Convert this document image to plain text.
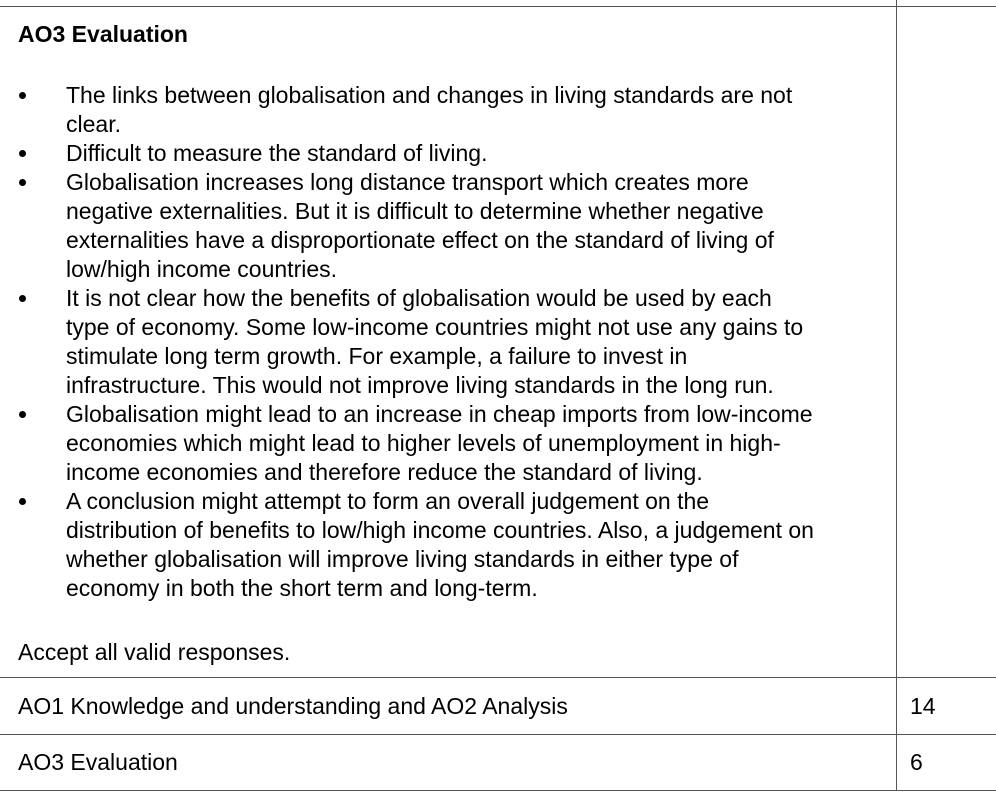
AO3 Evaluation
The links between globalisation and changes in living standards are not
clear.
Difficult to measure the standard of living.
Globalisation increases long distance transport which creates more
negative externalities. But it is difficult to determine whether negative
externalities have a disproportionate effect on the standard of living of
low/high income countries.
It is not clear how the benefits of globalisation would be used by each
type of economy. Some low-income countries might not use any gains to
stimulate long term growth. For example, a failure to invest in
infrastructure. This would not improve living standards in the long run.
Globalisation might lead to an increase in cheap imports from low-income
economies which might lead to higher levels of unemployment in high-
income economies and therefore reduce the standard of living.
A conclusion might attempt to form an overall judgement on the
distribution of benefits to low/high income countries. Also, a judgement on
whether globalisation will improve living standards in either type of
economy in both the short term and long-term.
Accept all valid responses.
AO1 Knowledge and understanding and AO2 Analysis	14
AO3 Evaluation	6
